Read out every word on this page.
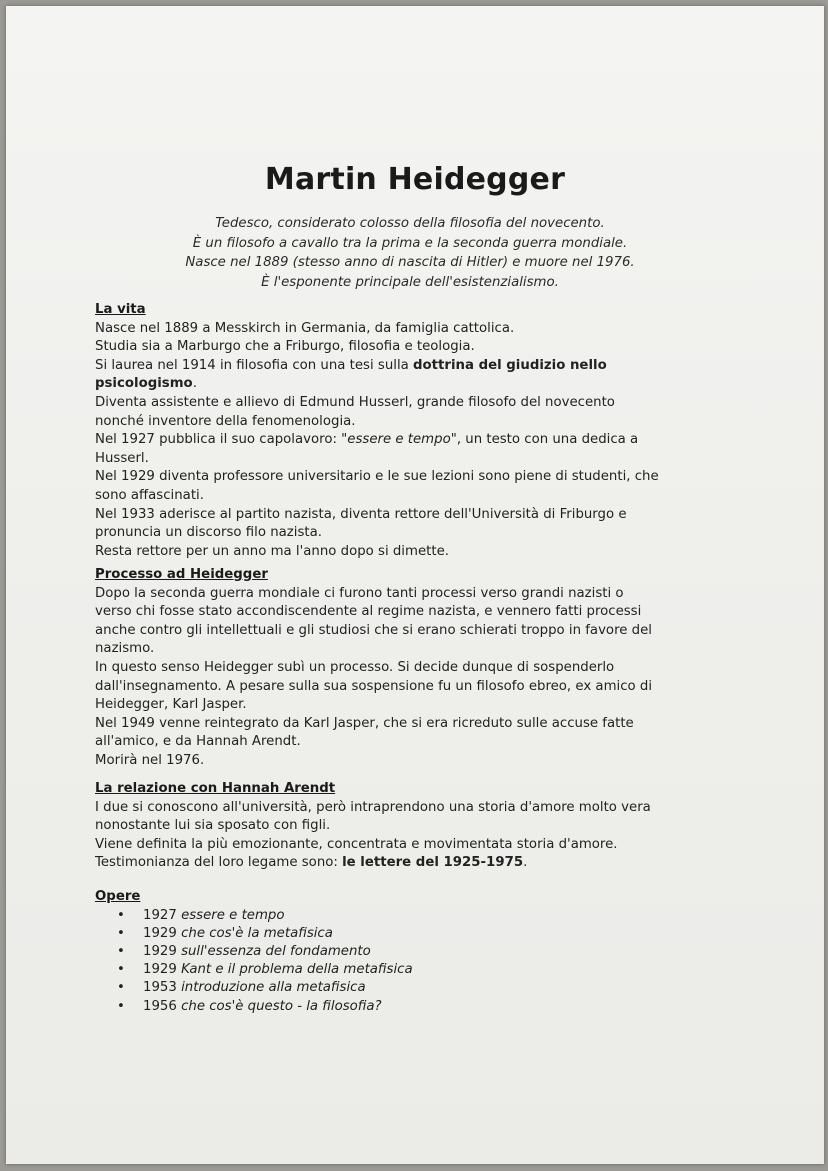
Martin Heidegger
Tedesco, considerato colosso della filosofia del novecento.
È un filosofo a cavallo tra la prima e la seconda guerra mondiale.
Nasce nel 1889 (stesso anno di nascita di Hitler) e muore nel 1976.
È l'esponente principale dell'esistenzialismo.
La vita
Nasce nel 1889 a Messkirch in Germania, da famiglia cattolica.
Studia sia a Marburgo che a Friburgo, filosofia e teologia.
Si laurea nel 1914 in filosofia con una tesi sulla dottrina del giudizio nello
psicologismo.
Diventa assistente e allievo di Edmund Husserl, grande filosofo del novecento
nonché inventore della fenomenologia.
Nel 1927 pubblica il suo capolavoro: "essere e tempo", un testo con una dedica a
Husserl.
Nel 1929 diventa professore universitario e le sue lezioni sono piene di studenti, che
sono affascinati.
Nel 1933 aderisce al partito nazista, diventa rettore dell'Università di Friburgo e
pronuncia un discorso filo nazista.
Resta rettore per un anno ma l'anno dopo si dimette.
Processo ad Heidegger
Dopo la seconda guerra mondiale ci furono tanti processi verso grandi nazisti o
verso chi fosse stato accondiscendente al regime nazista, e vennero fatti processi
anche contro gli intellettuali e gli studiosi che si erano schierati troppo in favore del
nazismo.
In questo senso Heidegger subì un processo. Si decide dunque di sospenderlo
dall'insegnamento. A pesare sulla sua sospensione fu un filosofo ebreo, ex amico di
Heidegger, Karl Jasper.
Nel 1949 venne reintegrato da Karl Jasper, che si era ricreduto sulle accuse fatte
all'amico, e da Hannah Arendt.
Morirà nel 1976.
La relazione con Hannah Arendt
I due si conoscono all'università, però intraprendono una storia d'amore molto vera
nonostante lui sia sposato con figli.
Viene definita la più emozionante, concentrata e movimentata storia d'amore.
Testimonianza del loro legame sono: le lettere del 1925-1975.
Opere
• 1927 essere e tempo
• 1929 che cos'è la metafisica
• 1929 sull'essenza del fondamento
• 1929 Kant e il problema della metafisica
• 1953 introduzione alla metafisica
• 1956 che cos'è questo - la filosofia?
